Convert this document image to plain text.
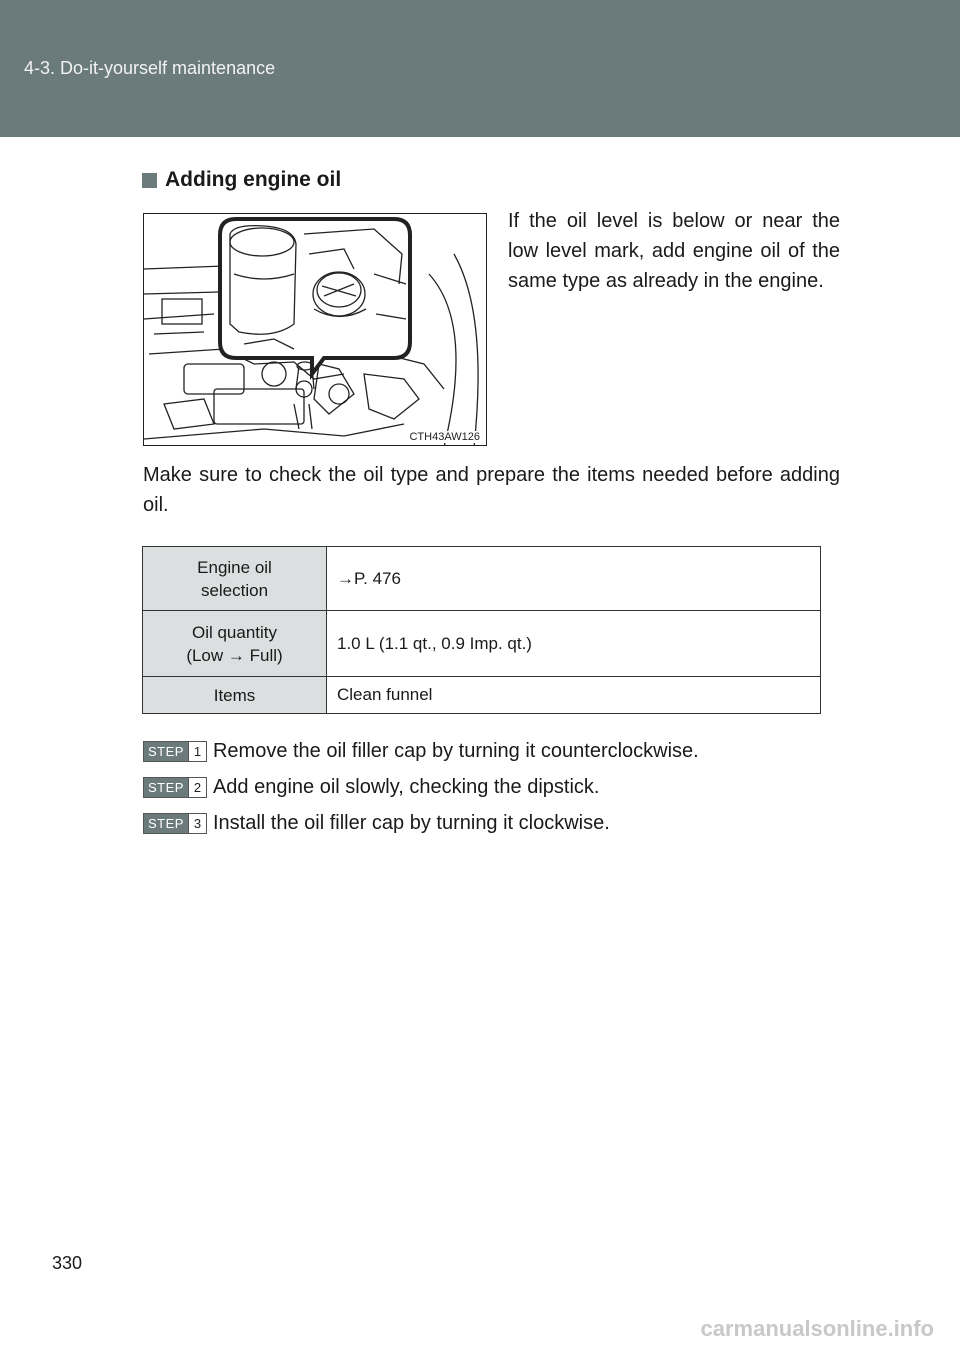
4-3. Do-it-yourself maintenance
Adding engine oil
CTH43AW126
If the oil level is below or near the low level mark, add engine oil of the same type as already in the engine.
Make sure to check the oil type and prepare the items needed before adding oil.
Engine oil
selection	→P. 476
Oil quantity
(Low → Full)	1.0 L (1.1 qt., 0.9 Imp. qt.)
Items	Clean funnel
STEP 1 Remove the oil filler cap by turning it counterclockwise.
STEP 2 Add engine oil slowly, checking the dipstick.
STEP 3 Install the oil filler cap by turning it clockwise.
330
carmanualsonline.info
